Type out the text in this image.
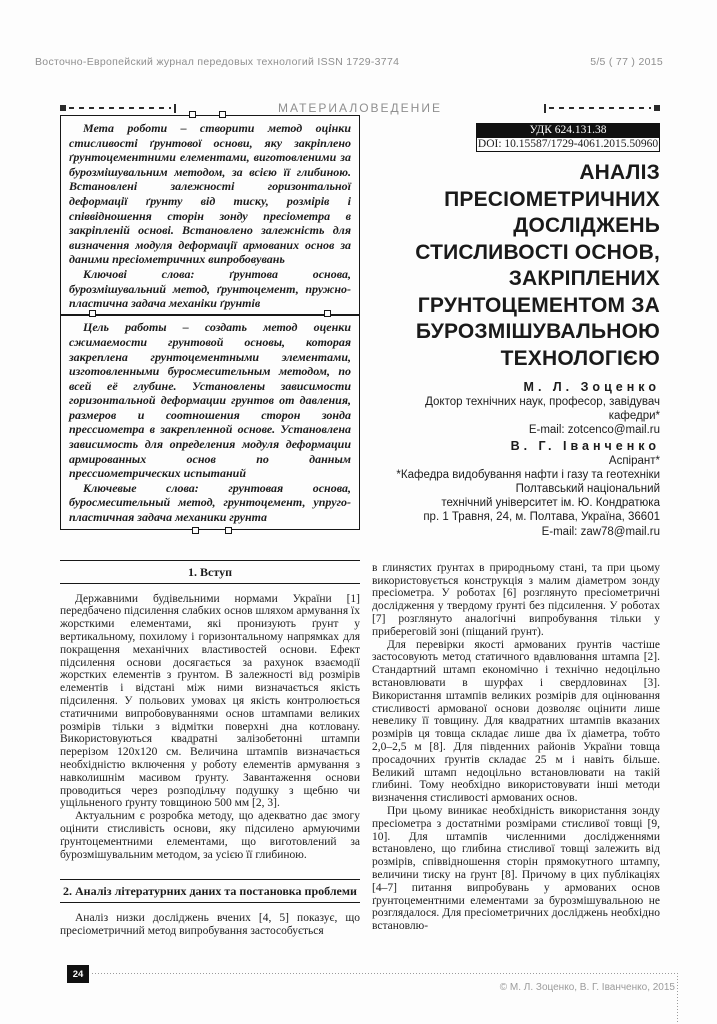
Восточно-Европейский журнал передовых технологий ISSN 1729-3774	5/5 ( 77 ) 2015
МАТЕРИАЛОВЕДЕНИЕ

Мета роботи – створити метод оцінки стисливості ґрунтової основи, яку закріплено ґрунтоцементними елементами, виготовленими за бурозмішувальним методом, за всією її глибиною. Встановлені залежності горизонтальної деформації ґрунту від тиску, розмірів і співвідношення сторін зонду пресіометра в закріпленій основі. Встановлено залежність для визначення модуля деформації армованих основ за даними пресіометричних випробовувань

Ключові слова: ґрунтова основа, бурозмішувальний метод, ґрунтоцемент, пружно-пластична задача механіки ґрунтів

Цель работы – создать метод оценки сжимаемости грунтовой основы, которая закреплена грунтоцементными элементами, изготовленными буросмесительным методом, по всей её глубине. Установлены зависимости горизонтальной деформации грунтов от давления, размеров и соотношения сторон зонда прессиометра в закрепленной основе. Установлена зависимость для определения модуля деформации армированных основ по данным прессиометрических испытаний

Ключевые слова: грунтовая основа, буросмесительный метод, грунтоцемент, упруго-пластичная задача механики грунта

1. Вступ

Державними будівельними нормами України [1] передбачено підсилення слабких основ шляхом армування їх жорсткими елементами, які пронизують ґрунт у вертикальному, похилому і горизонтальному напрямках для покращення механічних властивостей основи. Ефект підсилення основи досягається за рахунок взаємодії жорстких елементів з ґрунтом. В залежності від розмірів елементів і відстані між ними визначається якість підсилення. У польових умовах ця якість контролюється статичними випробовуваннями основ штампами великих розмірів тільки з відмітки поверхні дна котловану. Використовуються квадратні залізобетонні штампи перерізом 120х120 см. Величина штампів визначається необхідністю включення у роботу елементів армування з навколишнім масивом ґрунту. Завантаження основи проводиться через розподільчу подушку з щебню чи ущільненого ґрунту товщиною 500 мм [2, 3].

Актуальним є розробка методу, що адекватно дає змогу оцінити стисливість основи, яку підсилено армуючими ґрунтоцементними елементами, що виготовлений за бурозмішувальним методом, за усією її глибиною.

2. Аналіз літературних даних та постановка проблеми

Аналіз низки досліджень вчених [4, 5] показує, що пресіометричний метод випробування застособується

УДК 624.131.38
DOI: 10.15587/1729-4061.2015.50960
АНАЛІЗ
ПРЕСІОМЕТРИЧНИХ
ДОСЛІДЖЕНЬ
СТИСЛИВОСТІ ОСНОВ,
ЗАКРІПЛЕНИХ
ГРУНТОЦЕМЕНТОМ ЗА
БУРОЗМІШУВАЛЬНОЮ
ТЕХНОЛОГІЄЮ
М. Л. Зоценко
Доктор технічних наук, професор, завідувач кафедри*
E-mail: zotcenco@mail.ru
В. Г. Іванченко
Аспірант*
*Кафедра видобування нафти і газу та геотехніки
Полтавський національний
технічний університет ім. Ю. Кондратюка
пр. 1 Травня, 24, м. Полтава, Україна, 36601
E-mail: zaw78@mail.ru

в глинястих ґрунтах в природньому стані, та при цьому використовується конструкція з малим діаметром зонду пресіометра. У роботах [6] розглянуто пресіометричні дослідження у твердому ґрунті без підсилення. У роботах [7] розглянуто аналогічні випробування тільки у прибереговій зоні (піщаний ґрунт).

Для перевірки якості армованих ґрунтів частіше застосовують метод статичного вдавлювання штампа [2]. Стандартний штамп економічно і технічно недоцільно встановлювати в шурфах і свердловинах [3]. Використання штампів великих розмірів для оцінювання стисливості армованої основи дозволяє оцінити лише невелику її товщину. Для квадратних штампів вказаних розмірів ця товща складає лише два їх діаметра, тобто 2,0–2,5 м [8]. Для південних районів України товща просадочних ґрунтів складає 25 м і навіть більше. Великий штамп недоцільно встановлювати на такій глибині. Тому необхідно використовувати інші методи визначення стисливості армованих основ.

При цьому виникає необхідність використання зонду пресіометра з достатніми розмірами стисливої товщі [9, 10]. Для штампів численними дослідженнями встановлено, що глибина стисливої товщі залежить від розмірів, співвідношення сторін прямокутного штампу, величини тиску на ґрунт [8]. Причому в цих публікаціях [4–7] питання випробувань у армованих основ ґрунтоцементними елементами за бурозмішувальною не розглядалося. Для пресіометричних досліджень необхідно встановлю-

24
© М. Л. Зоценко, В. Г. Іванченко, 2015
